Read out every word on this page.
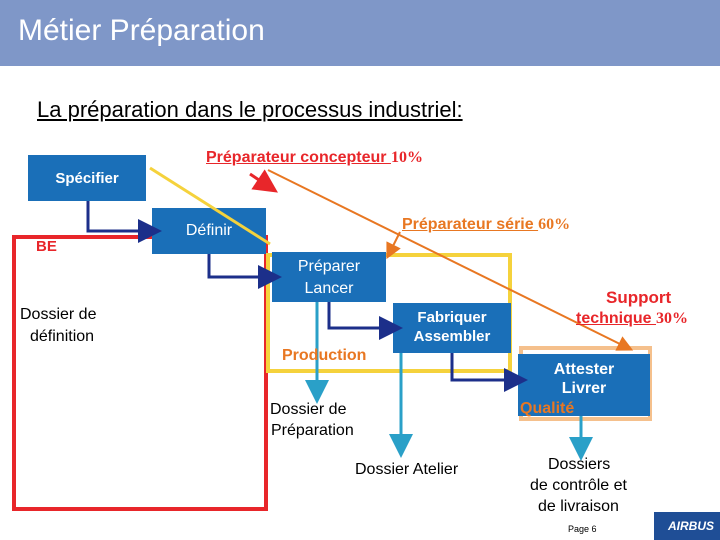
Métier Préparation

La préparation dans le processus industriel:
Spécifier
Définir
Préparer
Lancer
Fabriquer
Assembler
Attester
Livrer
BE
Dossier de
définition
Préparateur concepteur 10%
Préparateur série 60%
Production
Support
technique 30%
Qualité
Dossier de
Préparation
Dossier Atelier	Dossiers
de contrôle et
de livraison
Page 6	AIRBUS
